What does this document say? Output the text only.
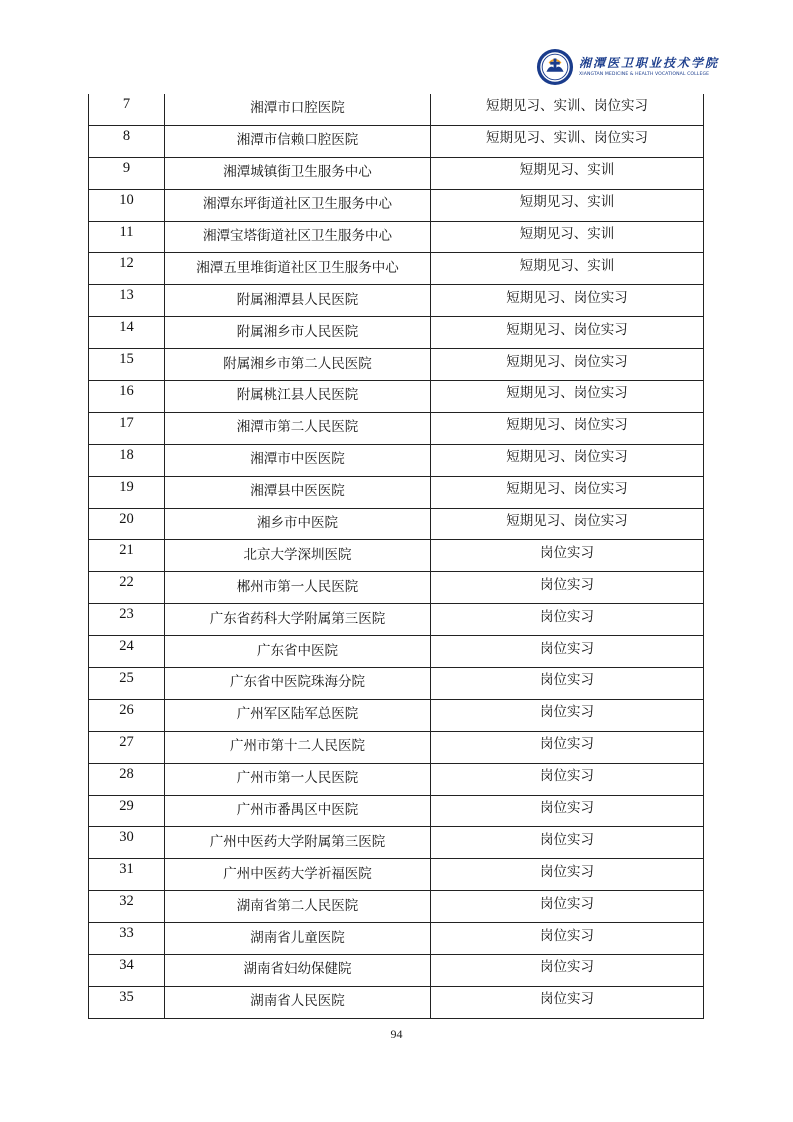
湘潭医卫职业技术学院
XIANGTAN MEDICINE & HEALTH VOCATIONAL COLLEGE
7	湘潭市口腔医院	短期见习、实训、岗位实习
8	湘潭市信赖口腔医院	短期见习、实训、岗位实习
9	湘潭城镇街卫生服务中心	短期见习、实训
10	湘潭东坪街道社区卫生服务中心	短期见习、实训
11	湘潭宝塔街道社区卫生服务中心	短期见习、实训
12	湘潭五里堆街道社区卫生服务中心	短期见习、实训
13	附属湘潭县人民医院	短期见习、岗位实习
14	附属湘乡市人民医院	短期见习、岗位实习
15	附属湘乡市第二人民医院	短期见习、岗位实习
16	附属桃江县人民医院	短期见习、岗位实习
17	湘潭市第二人民医院	短期见习、岗位实习
18	湘潭市中医医院	短期见习、岗位实习
19	湘潭县中医医院	短期见习、岗位实习
20	湘乡市中医院	短期见习、岗位实习
21	北京大学深圳医院	岗位实习
22	郴州市第一人民医院	岗位实习
23	广东省药科大学附属第三医院	岗位实习
24	广东省中医院	岗位实习
25	广东省中医院珠海分院	岗位实习
26	广州军区陆军总医院	岗位实习
27	广州市第十二人民医院	岗位实习
28	广州市第一人民医院	岗位实习
29	广州市番禺区中医院	岗位实习
30	广州中医药大学附属第三医院	岗位实习
31	广州中医药大学祈福医院	岗位实习
32	湖南省第二人民医院	岗位实习
33	湖南省儿童医院	岗位实习
34	湖南省妇幼保健院	岗位实习
35	湖南省人民医院	岗位实习
94
